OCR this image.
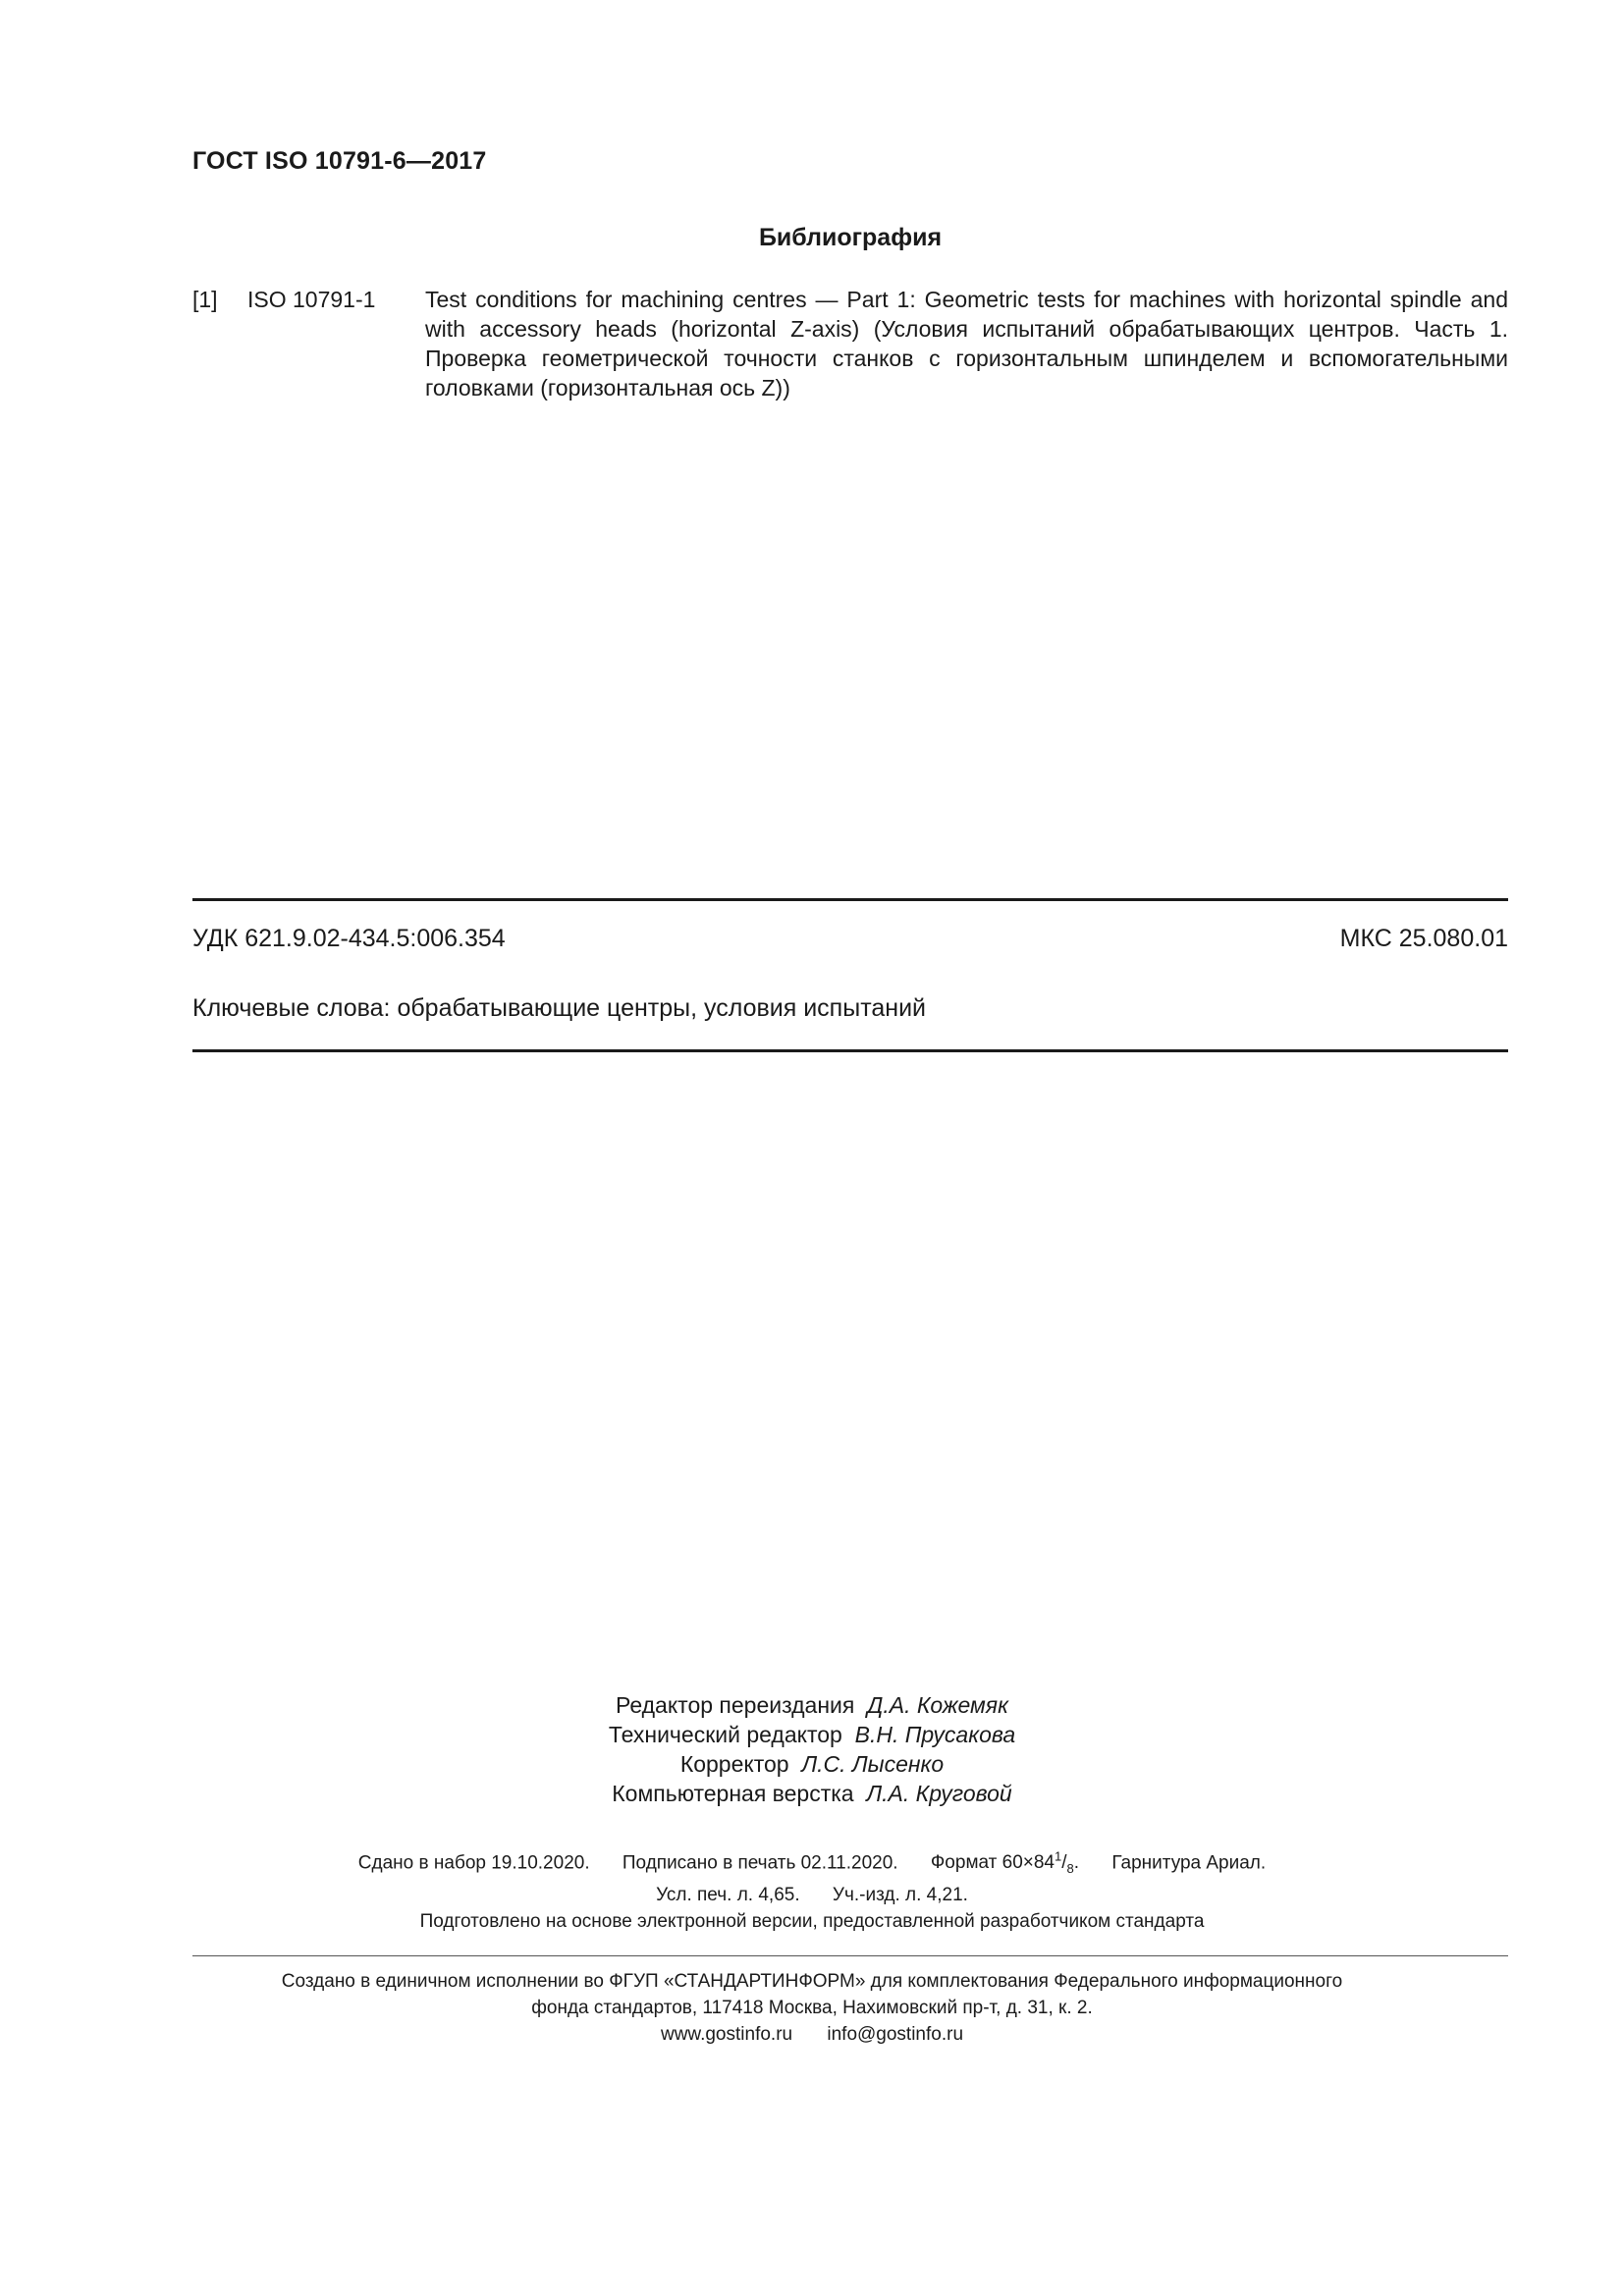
ГОСТ ISO 10791-6—2017
Библиография
[1] ISO 10791-1 Test conditions for machining centres — Part 1: Geometric tests for machines with horizontal spindle and with accessory heads (horizontal Z-axis) (Условия испытаний обрабатывающих центров. Часть 1. Проверка геометрической точности станков с горизонтальным шпинделем и вспомогательными головками (горизонтальная ось Z))
УДК 621.9.02-434.5:006.354	МКС 25.080.01
Ключевые слова: обрабатывающие центры, условия испытаний
Редактор переиздания Д.А. Кожемяк
Технический редактор В.Н. Прусакова
Корректор Л.С. Лысенко
Компьютерная верстка Л.А. Круговой
Сдано в набор 19.10.2020. Подписано в печать 02.11.2020. Формат $60\times 84^1/_8$. Гарнитура Ариал.
Усл. печ. л. 4,65. Уч.-изд. л. 4,21.
Подготовлено на основе электронной версии, предоставленной разработчиком стандарта
Создано в единичном исполнении во ФГУП «СТАНДАРТИНФОРМ» для комплектования Федерального информационного
фонда стандартов, 117418 Москва, Нахимовский пр-т, д. 31, к. 2.
www.gostinfo.ru info@gostinfo.ru
